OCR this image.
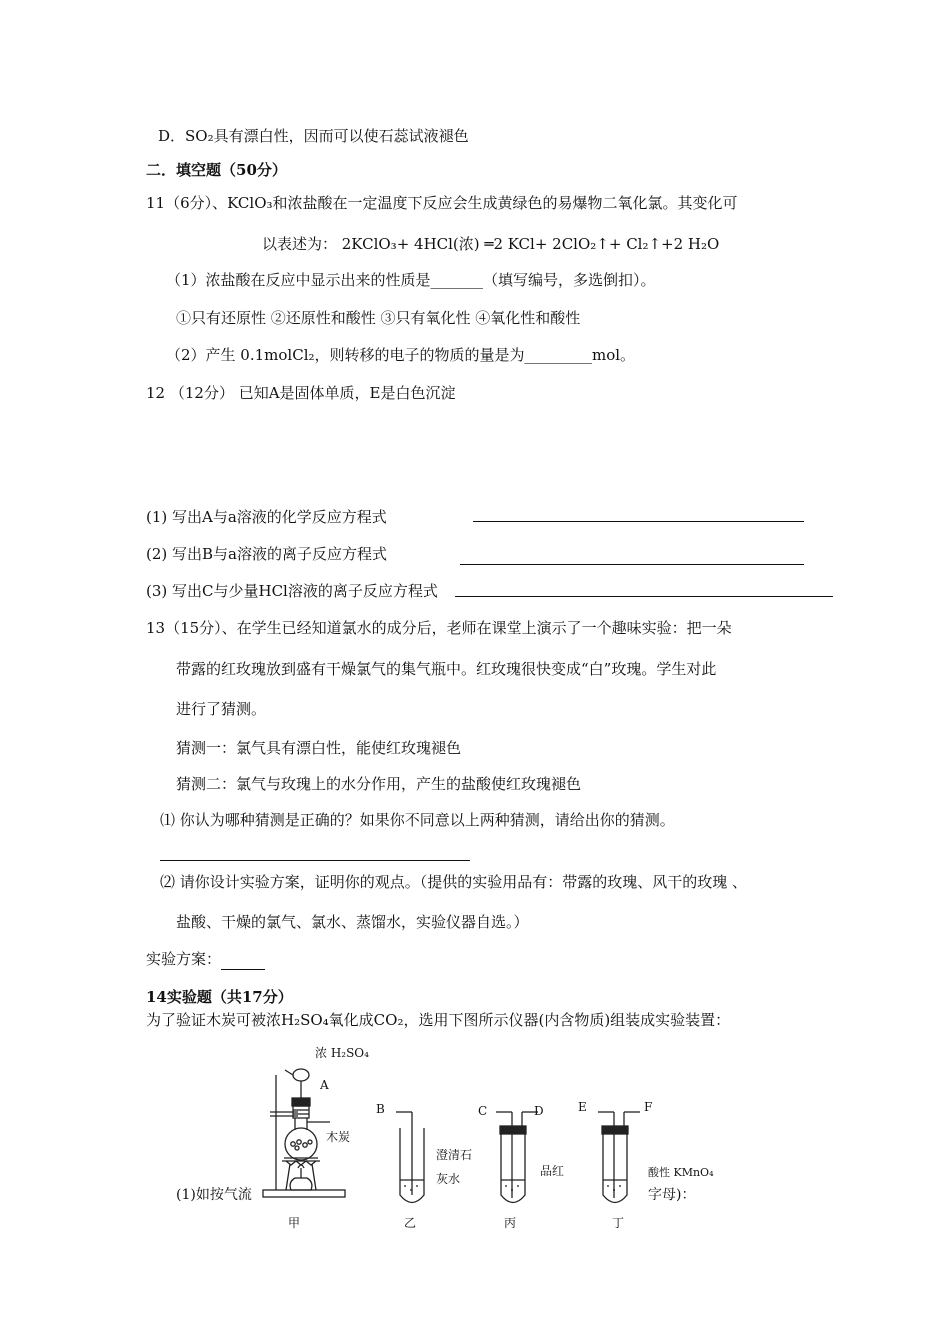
D．SO₂具有漂白性，因而可以使石蕊试液褪色
二．填空题（50分）
11（6分）、KClO₃和浓盐酸在一定温度下反应会生成黄绿色的易爆物二氧化氯。其变化可
以表述为： 2KClO₃+ 4HCl(浓) ═2 KCl+ 2ClO₂↑+ Cl₂↑+2 H₂O
（1）浓盐酸在反应中显示出来的性质是_______（填写编号，多选倒扣）。
①只有还原性 ②还原性和酸性 ③只有氧化性 ④氧化性和酸性
（2）产生 0.1molCl₂，则转移的电子的物质的量是为_________mol。
12 （12分） 已知A是固体单质，E是白色沉淀
(1) 写出A与a溶液的化学反应方程式
(2) 写出B与a溶液的离子反应方程式
(3) 写出C与少量HCl溶液的离子反应方程式
13（15分）、在学生已经知道氯水的成分后，老师在课堂上演示了一个趣味实验：把一朵
带露的红玫瑰放到盛有干燥氯气的集气瓶中。红玫瑰很快变成“白”玫瑰。学生对此
进行了猜测。
猜测一：氯气具有漂白性，能使红玫瑰褪色
猜测二：氯气与玫瑰上的水分作用，产生的盐酸使红玫瑰褪色
⑴ 你认为哪种猜测是正确的？如果你不同意以上两种猜测，请给出你的猜测。
⑵ 请你设计实验方案，证明你的观点。（提供的实验用品有：带露的玫瑰、风干的玫瑰 、
盐酸、干燥的氯气、氯水、蒸馏水，实验仪器自选。）
实验方案：
14实验题（共17分）
为了验证木炭可被浓H₂SO₄氧化成CO₂，选用下图所示仪器(内含物质)组装成实验装置：
浓 H₂SO₄
A
木炭
B
澄清石
灰水
C	D
品红
E	F
酸性 KMnO₄
甲	乙	丙	丁
(1)如按气流	字母)：
